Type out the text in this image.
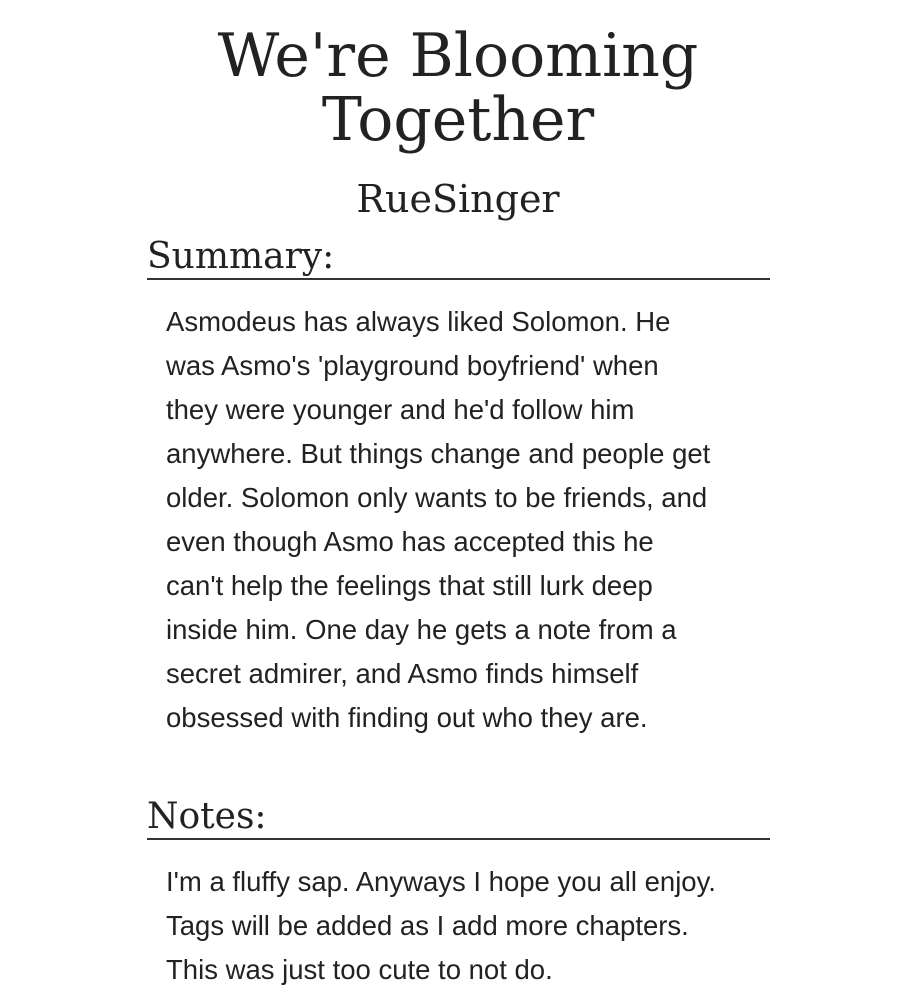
We're Blooming
Together
RueSinger
Summary:

Asmodeus has always liked Solomon. He
was Asmo's 'playground boyfriend' when
they were younger and he'd follow him
anywhere. But things change and people get
older. Solomon only wants to be friends, and
even though Asmo has accepted this he
can't help the feelings that still lurk deep
inside him. One day he gets a note from a
secret admirer, and Asmo finds himself
obsessed with finding out who they are.

Notes:

I'm a fluffy sap. Anyways I hope you all enjoy.
Tags will be added as I add more chapters.
This was just too cute to not do.
